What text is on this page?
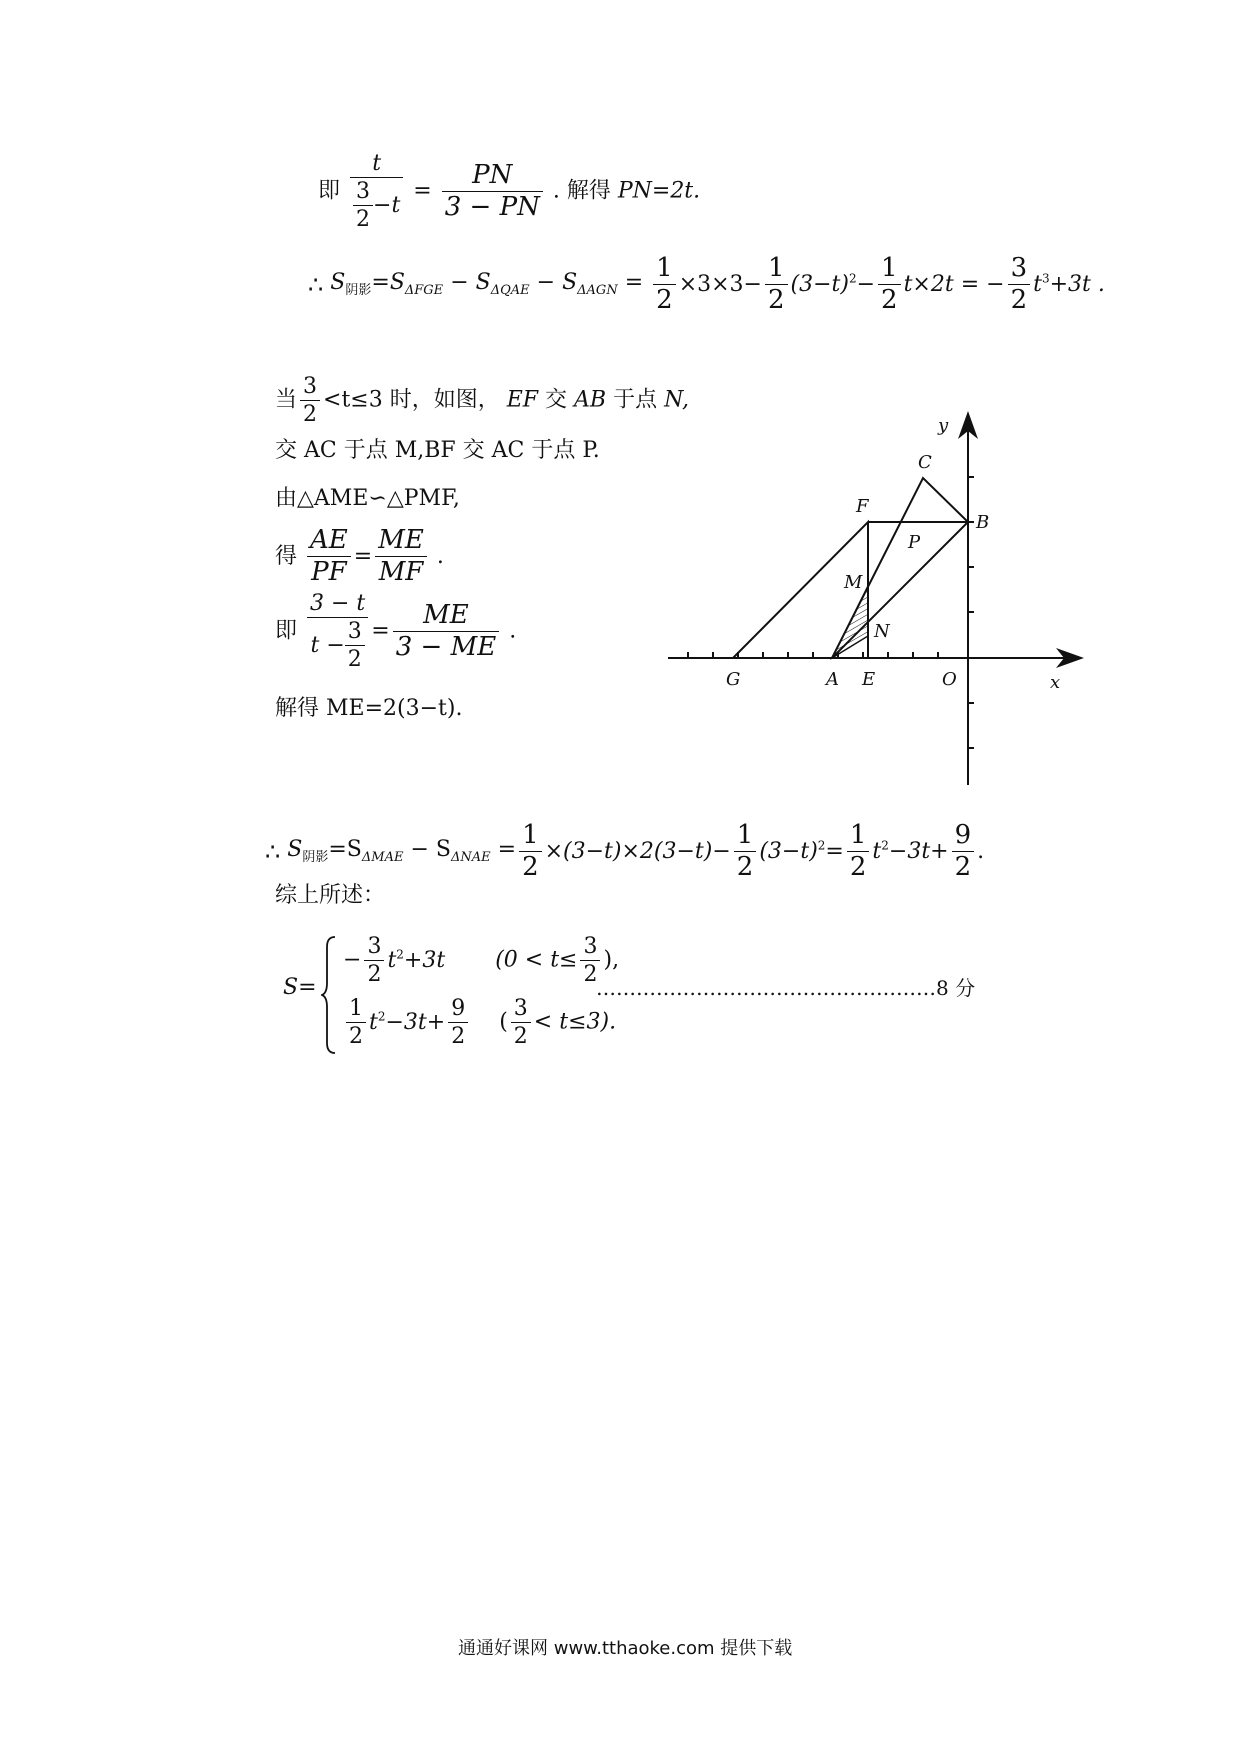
即 $\frac{t}{\frac{3}{2} -t} = \frac{PN}{3 - PN}$ . 解得 PN=2t.
∴ $S_{阴影}=S_{\Delta FGE} - S_{\Delta QAE} - S_{\Delta AGN} = \frac{1}{2} \times 3\times 3- \frac{1}{2} (3-t)^2- \frac{1}{2} t\times 2t$ = − $\frac{3}{2} t^3+3t$ .
当 $\frac{3}{2} <t\le 3$ 时，如图， EF 交 AB 于点 N,
交 AC 于点 M,BF 交 AC 于点 P.
由△AME∽△PMF,
得 $\frac{AE}{PF} = \frac{ME}{MF}$ .
即 $\frac{3 - t}{t - \frac{3}{2}} = \frac{ME}{3 - ME}$ .
解得 ME=2(3−t).
y
x
C
F
B
P
M
N
G	A E	O
∴ $S_{阴影}=S_{\Delta MAE} - S_{\Delta NAE} = \frac{1}{2} \times(3-t)\times 2(3-t)- \frac{1}{2} (3-t)^2= \frac{1}{2} t^2-3t+ \frac{9}{2}$ .
综上所述：
S=
− $\frac{3}{2} t^2+3t$ ($0 < t\le \frac{3}{2}$ ),
$\frac{1}{2} t^2-3t+ \frac{9}{2}$ ( $\frac{3}{2} < t\le 3$).
……………………………………………8 分
通通好课网 www.tthaoke.com 提供下载
